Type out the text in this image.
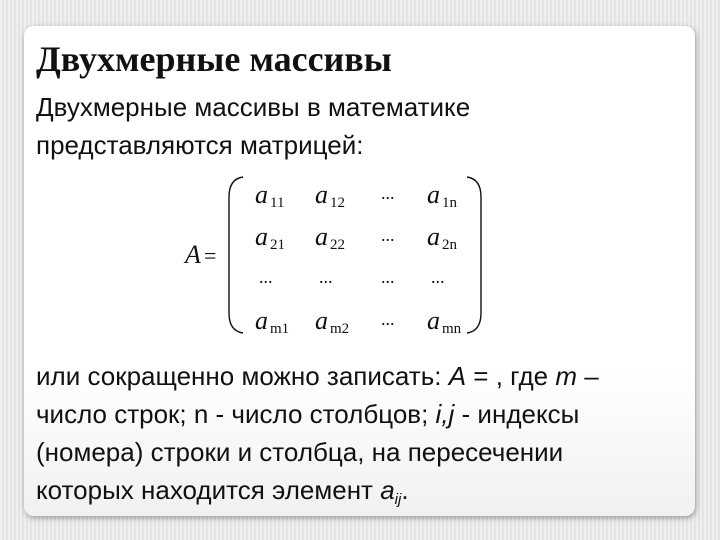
Двухмерные массивы
Двухмерные массивы в математике
представляются матрицей:
A =
a 11 a 12 ... a 1n
a 21 a 22 ... a 2n
...	...	... ...
a m1 a m2 ... a mn
или сокращенно можно записать: A = , где m –
число строк; n - число столбцов; i,j - индексы
(номера) строки и столбца, на пересечении
которых находится элемент aij.
